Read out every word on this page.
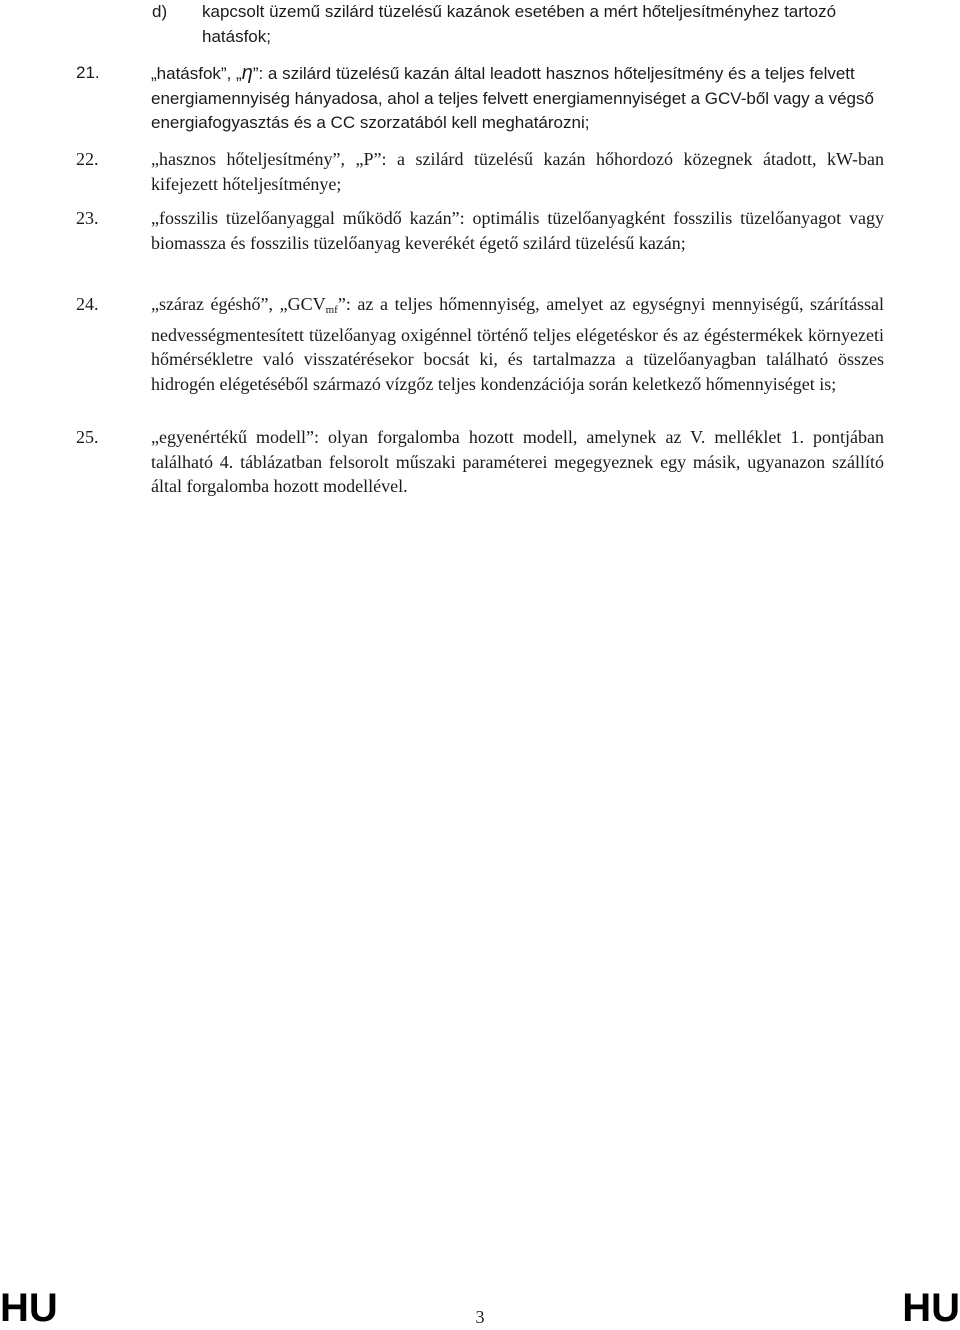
d) kapcsolt üzemű szilárd tüzelésű kazánok esetében a mért hőteljesítményhez tartozó hatásfok;
21.	„hatásfok”, „η”: a szilárd tüzelésű kazán által leadott hasznos hőteljesítmény és a teljes felvett energiamennyiség hányadosa, ahol a teljes felvett energiamennyiséget a GCV-ből vagy a végső energiafogyasztás és a CC szorzatából kell meghatározni;
22.	„hasznos hőteljesítmény”, „P”: a szilárd tüzelésű kazán hőhordozó közegnek átadott, kW-ban kifejezett hőteljesítménye;
23.	„fosszilis tüzelőanyaggal működő kazán”: optimális tüzelőanyagként fosszilis tüzelőanyagot vagy biomassza és fosszilis tüzelőanyag keverékét égető szilárd tüzelésű kazán;
24.	„száraz égéshő”, $„GCV_{mf}$”: az a teljes hőmennyiség, amelyet az egységnyi mennyiségű, szárítással nedvességmentesített tüzelőanyag oxigénnel történő teljes elégetéskor és az égéstermékek környezeti hőmérsékletre való visszatérésekor bocsát ki, és tartalmazza a tüzelőanyagban található összes hidrogén elégetéséből származó vízgőz teljes kondenzációja során keletkező hőmennyiséget is;
25.	„egyenértékű modell”: olyan forgalomba hozott modell, amelynek az V. melléklet 1. pontjában található 4. táblázatban felsorolt műszaki paraméterei megegyeznek egy másik, ugyanazon szállító által forgalomba hozott modellével.
HU	3	HU
